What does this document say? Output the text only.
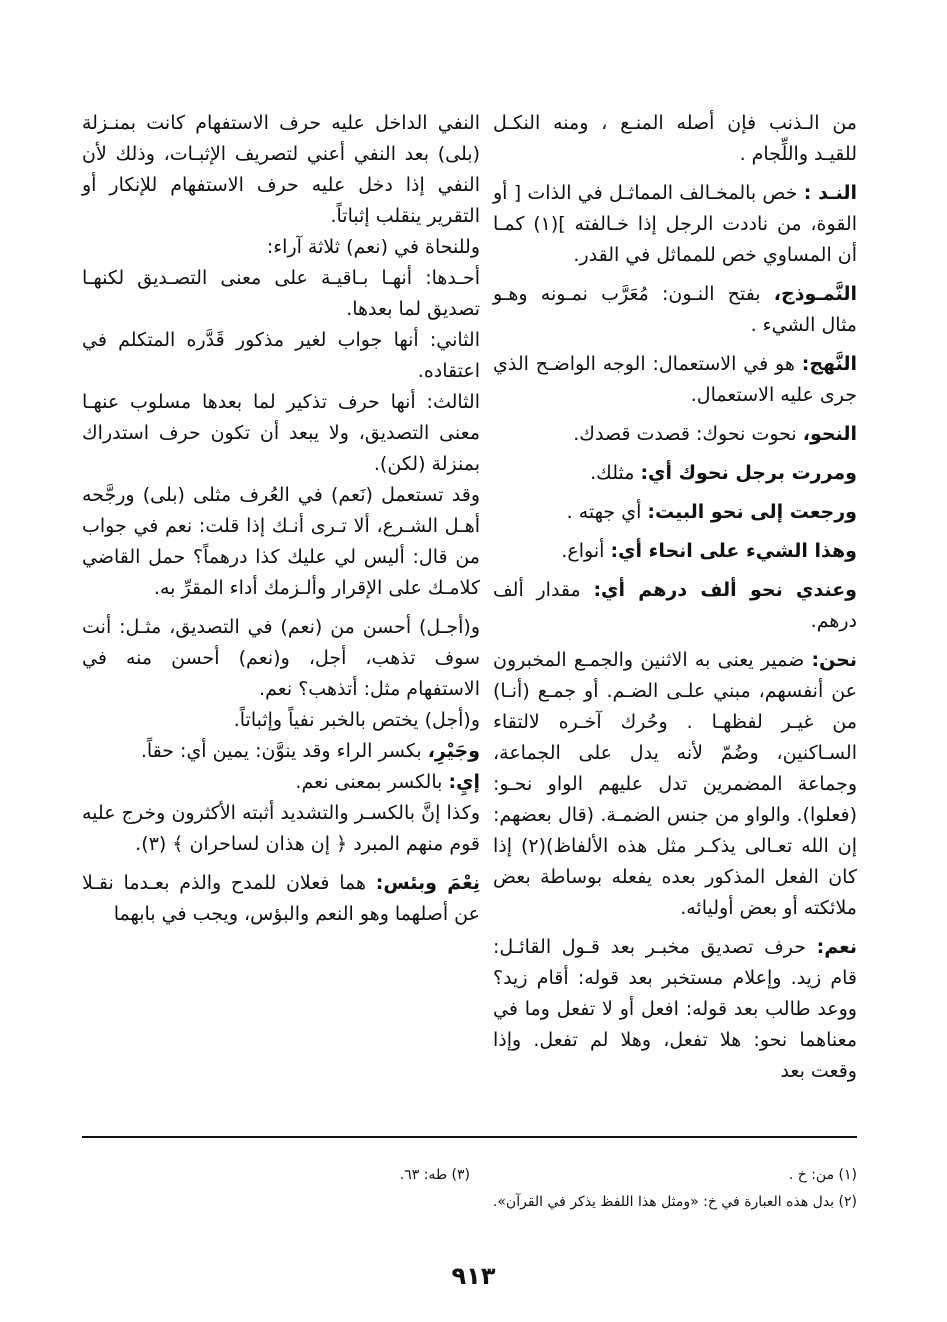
من الـذنب فإن أصله المنـع ، ومنه النكـل للقيـد واللِّجام .

النـد : خص بالمخـالف المماثـل في الذات [ أو القوة، من ناددت الرجل إذا خـالفته ](١) كمـا أن المساوي خص للمماثل في القدر.

النَّمـوذج، بفتح النـون: مُعَرَّب نمـونه وهـو مثال الشيء .

النَّهج: هو في الاستعمال: الوجه الواضـح الذي جرى عليه الاستعمال.

النحو، نحوت نحوك: قصدت قصدك.

ومررت برجل نحوك أي: مثلك.

ورجعت إلى نحو البيت: أي جهته .

وهذا الشيء على انحاء أي: أنواع.

وعندي نحو ألف درهم أي: مقدار ألف درهم.

نحن: ضمير يعنى به الاثنين والجمـع المخبرون عن أنفسهم، مبني علـى الضـم. أو جمـع (أنـا) من غيـر لفظهـا . وحُرك آخـره لالتقاء السـاكنين، وضُمّ لأنه يدل على الجماعة، وجماعة المضمرين تدل عليهم الواو نحـو: (فعلوا). والواو من جنس الضمـة. (قال بعضهم: إن الله تعـالى يذكـر مثل هذه الألفاظ)(٢) إذا كان الفعل المذكور بعده يفعله بوساطة بعض ملائكته أو بعض أوليائه.

نعم: حرف تصديق مخبـر بعد قـول القائـل: قام زيد. وإعلام مستخبر بعد قوله: أقام زيد؟ ووعد طالب بعد قوله: افعل أو لا تفعل وما في معناهما نحو: هلا تفعل، وهلا لم تفعل. وإذا وقعت بعد

النفي الداخل عليه حرف الاستفهام كانت بمنـزلة (بلى) بعد النفي أعني لتصريف الإثبـات، وذلك لأن النفي إذا دخل عليه حرف الاستفهام للإنكار أو التقرير ينقلب إثباتاً.

وللنحاة في (نعم) ثلاثة آراء:

أحـدها: أنهـا بـاقيـة على معنى التصـديق لكنهـا تصديق لما بعدها.

الثاني: أنها جواب لغير مذكور قَدَّره المتكلم في اعتقاده.

الثالث: أنها حرف تذكير لما بعدها مسلوب عنهـا معنى التصديق، ولا يبعد أن تكون حرف استدراك بمنزلة (لكن).

وقد تستعمل (نَعم) في العُرف مثلى (بلى) ورجَّحه أهـل الشـرع، ألا تـرى أنـك إذا قلت: نعم في جواب من قال: أليس لي عليك كذا درهماً؟ حمل القاضي كلامـك على الإقرار وألـزمك أداء المقرِّ به.

و(أجـل) أحسن من (نعم) في التصديق، مثـل: أنت سوف تذهب، أجل، و(نعم) أحسن منه في الاستفهام مثل: أتذهب؟ نعم.

و(أجل) يختص بالخبر نفياً وإثباتاً.

وجَيْرِ، بكسر الراء وقد ينوَّن: يمين أي: حقاً.

إيِ: بالكسر بمعنى نعم.

وكذا إنَّ بالكسـر والتشديد أثبته الأكثرون وخرج عليه قوم منهم المبرد ﴿ إن هذان لساحران ﴾ (٣).

نِعْمَ وبئس: هما فعلان للمدح والذم بعـدما نقـلا عن أصلهما وهو النعم والبؤس، ويجب في بابهما

(١) من: خ .
(٣) طه: ٦٣.
(٢) بدل هذه العبارة في خ: «ومثل هذا اللفظ يذكر في القرآن».
٩١٣
